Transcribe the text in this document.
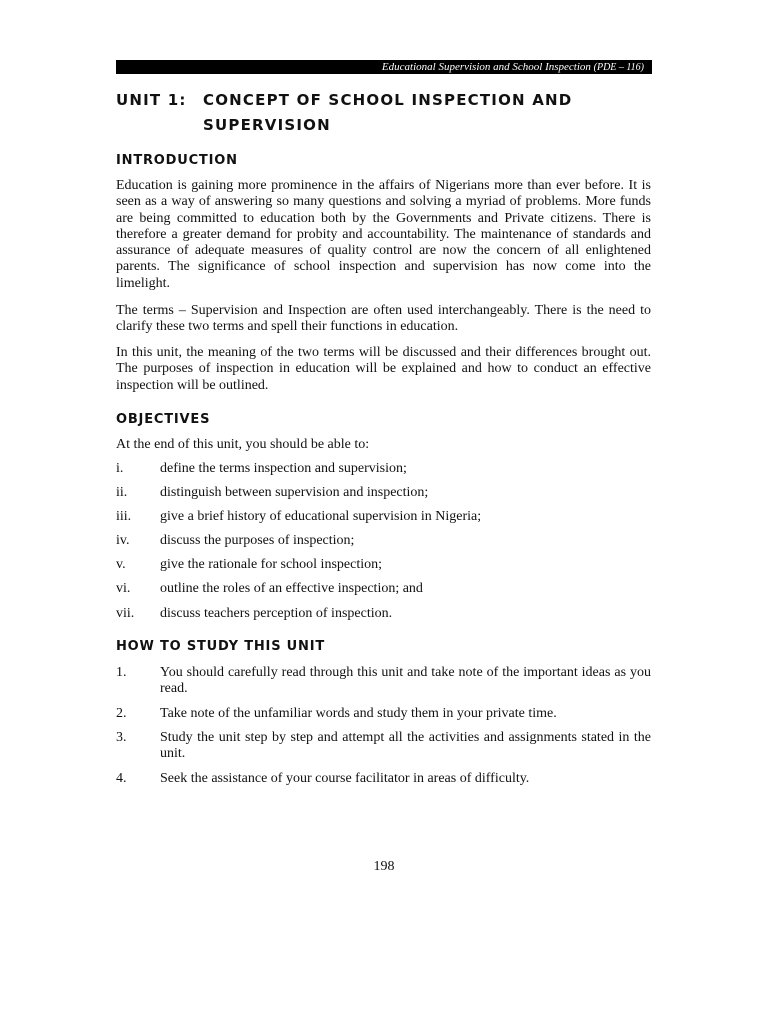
Educational Supervision and School Inspection (PDE – 116)
UNIT 1: CONCEPT OF SCHOOL INSPECTION AND SUPERVISION
INTRODUCTION

Education is gaining more prominence in the affairs of Nigerians more than ever before. It is seen as a way of answering so many questions and solving a myriad of problems. More funds are being committed to education both by the Governments and Private citizens. There is therefore a greater demand for probity and accountability. The maintenance of standards and assurance of adequate measures of quality control are now the concern of all enlightened parents. The significance of school inspection and supervision has now come into the limelight.

The terms – Supervision and Inspection are often used interchangeably. There is the need to clarify these two terms and spell their functions in education.

In this unit, the meaning of the two terms will be discussed and their differences brought out. The purposes of inspection in education will be explained and how to conduct an effective inspection will be outlined.

OBJECTIVES

At the end of this unit, you should be able to:

i.	define the terms inspection and supervision;
ii. distinguish between supervision and inspection;
iii. give a brief history of educational supervision in Nigeria;
iv. discuss the purposes of inspection;
v. give the rationale for school inspection;
vi. outline the roles of an effective inspection; and
vii. discuss teachers perception of inspection.
HOW TO STUDY THIS UNIT
1. You should carefully read through this unit and take note of the important ideas as you read.
2. Take note of the unfamiliar words and study them in your private time.
3. Study the unit step by step and attempt all the activities and assignments stated in the unit.
4. Seek the assistance of your course facilitator in areas of difficulty.
198
